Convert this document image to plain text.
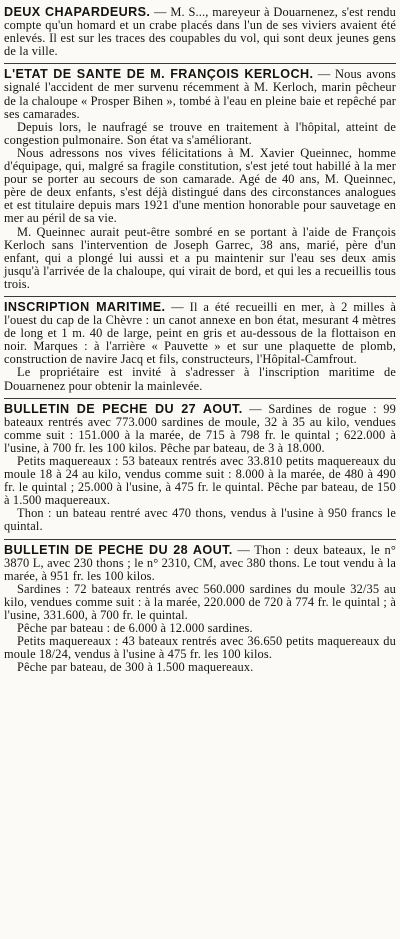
DEUX CHAPARDEURS. — M. S..., mareyeur à Douarnenez, s'est rendu compte qu'un homard et un crabe placés dans l'un de ses viviers avaient été enlevés. Il est sur les traces des coupables du vol, qui sont deux jeunes gens de la ville.

L'ETAT DE SANTE DE M. FRANÇOIS KERLOCH. — Nous avons signalé l'accident de mer survenu récemment à M. Kerloch, marin pêcheur de la chaloupe « Prosper Bihen », tombé à l'eau en pleine baie et repêché par ses camarades.

Depuis lors, le naufragé se trouve en traitement à l'hôpital, atteint de congestion pulmonaire. Son état va s'améliorant.

Nous adressons nos vives félicitations à M. Xavier Queinnec, homme d'équipage, qui, malgré sa fragile constitution, s'est jeté tout habillé à la mer pour se porter au secours de son camarade. Agé de 40 ans, M. Queinnec, père de deux enfants, s'est déjà distingué dans des circonstances analogues et est titulaire depuis mars 1921 d'une mention honorable pour sauvetage en mer au péril de sa vie.

M. Queinnec aurait peut-être sombré en se portant à l'aide de François Kerloch sans l'intervention de Joseph Garrec, 38 ans, marié, père d'un enfant, qui a plongé lui aussi et a pu maintenir sur l'eau ses deux amis jusqu'à l'arrivée de la chaloupe, qui virait de bord, et qui les a recueillis tous trois.

INSCRIPTION MARITIME. — Il a été recueilli en mer, à 2 milles à l'ouest du cap de la Chèvre : un canot annexe en bon état, mesurant 4 mètres de long et 1 m. 40 de large, peint en gris et au-dessous de la flottaison en noir. Marques : à l'arrière « Pauvette » et sur une plaquette de plomb, construction de navire Jacq et fils, constructeurs, l'Hôpital-Camfrout.

Le propriétaire est invité à s'adresser à l'inscription maritime de Douarnenez pour obtenir la mainlevée.

BULLETIN DE PECHE DU 27 AOUT. — Sardines de rogue : 99 bateaux rentrés avec 773.000 sardines de moule, 32 à 35 au kilo, vendues comme suit : 151.000 à la marée, de 715 à 798 fr. le quintal ; 622.000 à l'usine, à 700 fr. les 100 kilos. Pêche par bateau, de 3 à 18.000.

Petits maquereaux : 53 bateaux rentrés avec 33.810 petits maquereaux du moule 18 à 24 au kilo, vendus comme suit : 8.000 à la marée, de 480 à 490 fr. le quintal ; 25.000 à l'usine, à 475 fr. le quintal. Pêche par bateau, de 150 à 1.500 maquereaux.

Thon : un bateau rentré avec 470 thons, vendus à l'usine à 950 francs le quintal.

BULLETIN DE PECHE DU 28 AOUT. — Thon : deux bateaux, le n° 3870 L, avec 230 thons ; le n° 2310, CM, avec 380 thons. Le tout vendu à la marée, à 951 fr. les 100 kilos.

Sardines : 72 bateaux rentrés avec 560.000 sardines du moule 32/35 au kilo, vendues comme suit : à la marée, 220.000 de 720 à 774 fr. le quintal ; à l'usine, 331.600, à 700 fr. le quintal.

Pêche par bateau : de 6.000 à 12.000 sardines.

Petits maquereaux : 43 bateaux rentrés avec 36.650 petits maquereaux du moule 18/24, vendus à l'usine à 475 fr. les 100 kilos.

Pêche par bateau, de 300 à 1.500 maquereaux.
